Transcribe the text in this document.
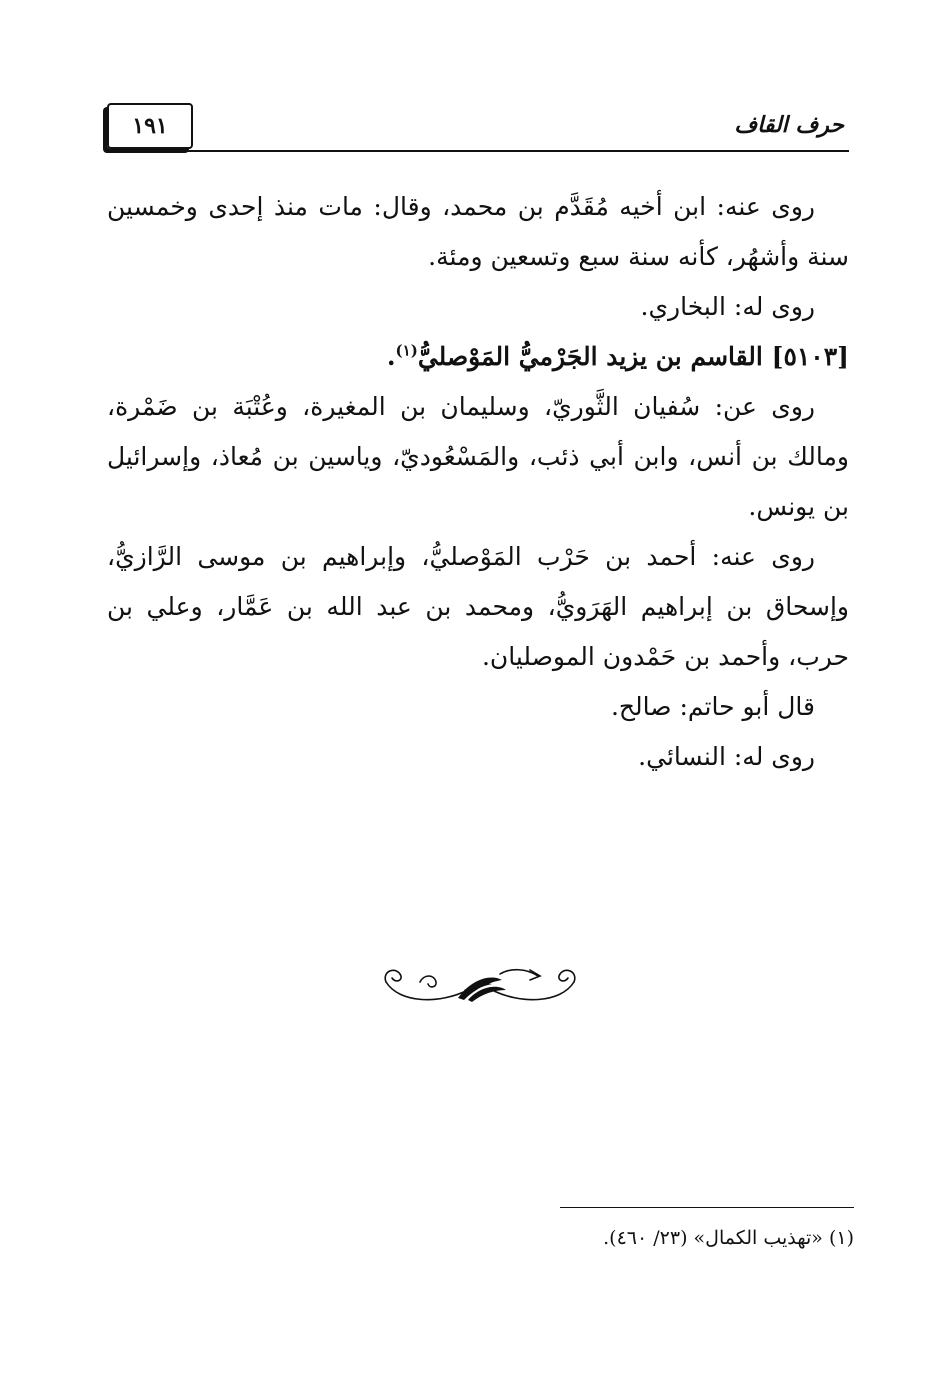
١٩١	حرف القاف

روى عنه: ابن أخيه مُقَدَّم بن محمد، وقال: مات منذ إحدى وخمسين سنة وأشهُر، كأنه سنة سبع وتسعين ومئة.

روى له: البخاري.

[٥١٠٣] القاسم بن يزيد الجَرْميُّ المَوْصليُّ$^{(١)}$.

روى عن: سُفيان الثَّوريّ، وسليمان بن المغيرة، وعُتْبَة بن ضَمْرة، ومالك بن أنس، وابن أبي ذئب، والمَسْعُوديّ، وياسين بن مُعاذ، وإسرائيل بن يونس.

روى عنه: أحمد بن حَرْب المَوْصليُّ، وإبراهيم بن موسى الرَّازيُّ، وإسحاق بن إبراهيم الهَرَويُّ، ومحمد بن عبد الله بن عَمَّار، وعلي بن حرب، وأحمد بن حَمْدون الموصليان.

قال أبو حاتم: صالح.

روى له: النسائي.

(١) «تهذيب الكمال» (٢٣/ ٤٦٠).
